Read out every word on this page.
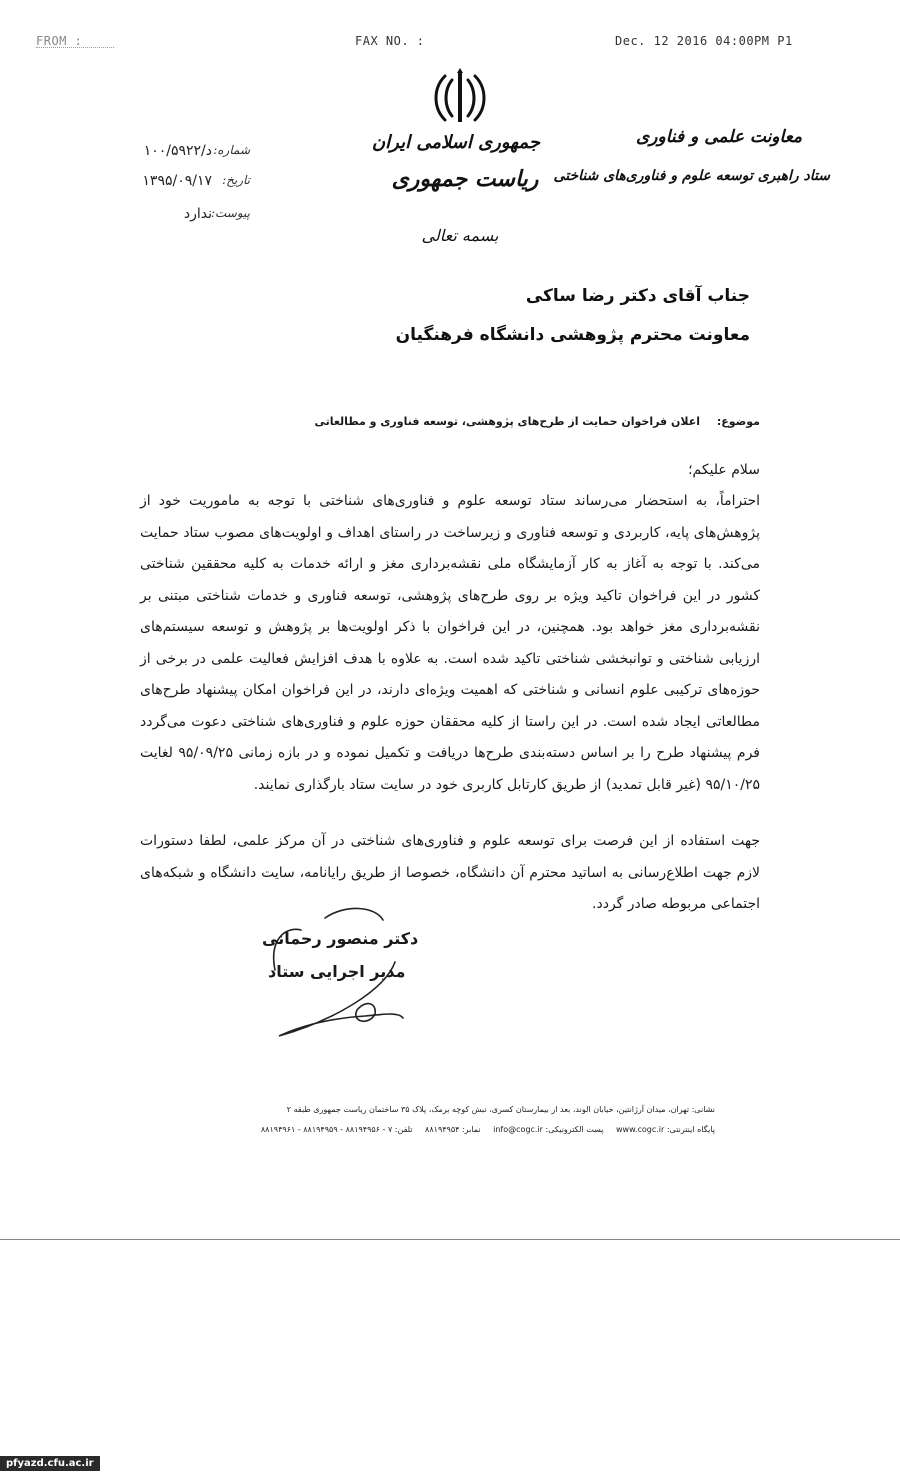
FROM :	FAX NO. :	Dec. 12 2016 04:00PM P1
جمهوری اسلامی ایران
ریاست جمهوری
بسمه تعالی
معاونت علمی و فناوری
ستاد راهبری توسعه علوم و فناوری‌های شناختی
شماره:
د/۱۰۰/۵۹۲۲
تاریخ:
۱۳۹۵/۰۹/۱۷
پیوست:
ندارد
جناب آقای دکتر رضا ساکی
معاونت محترم پژوهشی دانشگاه فرهنگیان
موضوع:
اعلان فراخوان حمایت از طرح‌های پژوهشی، توسعه فناوری و مطالعاتی
سلام علیکم؛
احتراماً، به استحضار می‌رساند ستاد توسعه علوم و فناوری‌های شناختی با توجه به ماموریت خود از پژوهش‌های پایه، کاربردی و توسعه فناوری و زیرساخت در راستای اهداف و اولویت‌های مصوب ستاد حمایت می‌کند. با توجه به آغاز به کار آزمایشگاه ملی نقشه‌برداری مغز و ارائه خدمات به کلیه محققین شناختی کشور در این فراخوان تاکید ویژه بر روی طرح‌های پژوهشی، توسعه فناوری و خدمات شناختی مبتنی بر نقشه‌برداری مغز خواهد بود. همچنین، در این فراخوان با ذکر اولویت‌ها بر پژوهش و توسعه سیستم‌های ارزیابی شناختی و توانبخشی شناختی تاکید شده است. به علاوه با هدف افزایش فعالیت علمی در برخی از حوزه‌های ترکیبی علوم انسانی و شناختی که اهمیت ویژه‌ای دارند، در این فراخوان امکان پیشنهاد طرح‌های مطالعاتی ایجاد شده است. در این راستا از کلیه محققان حوزه علوم و فناوری‌های شناختی دعوت می‌گردد فرم پیشنهاد طرح را بر اساس دسته‌بندی طرح‌ها دریافت و تکمیل نموده و در بازه زمانی ۹۵/۰۹/۲۵ لغایت ۹۵/۱۰/۲۵ (غیر قابل تمدید) از طریق کارتابل کاربری خود در سایت ستاد بارگذاری نمایند.
جهت استفاده از این فرصت برای توسعه علوم و فناوری‌های شناختی در آن مرکز علمی، لطفا دستورات لازم جهت اطلاع‌رسانی به اساتید محترم آن دانشگاه، خصوصا از طریق رایانامه، سایت دانشگاه و شبکه‌های اجتماعی مربوطه صادر گردد.
دکتر منصور رحمانی
مدیر اجرایی ستاد
نشانی: تهران، میدان آرژانتین، خیابان الوند، بعد از بیمارستان کسری، نبش کوچه برمک، پلاک ۳۵ ساختمان ریاست جمهوری طبقه ۲
پایگاه اینترنتی: www.cogc.ir پست الکترونیکی: info@cogc.ir نمابر: ۸۸۱۹۴۹۵۴ تلفن: ۷ - ۸۸۱۹۴۹۵۶ - ۸۸۱۹۴۹۵۹ - ۸۸۱۹۴۹۶۱
pfyazd.cfu.ac.ir
